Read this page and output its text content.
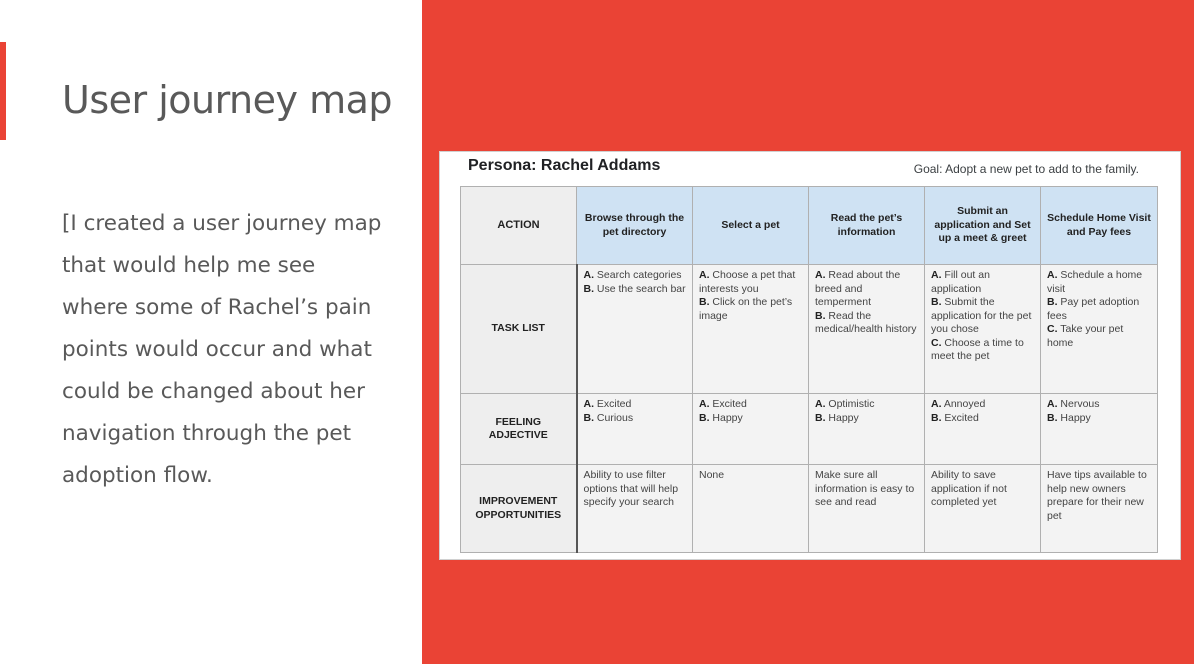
User journey map

[I created a user journey map that would help me see where some of Rachel’s pain points would occur and what could be changed about her navigation through the pet adoption flow.

Persona: Rachel Addams	Goal: Adopt a new pet to add to the family.
ACTION	Browse through the pet directory	Select a pet	Read the pet’s information	Submit an application and Set up a meet & greet	Schedule Home Visit and Pay fees
TASK LIST	A. Search categories
B. Use the search bar	A. Choose a pet that interests you
B. Click on the pet’s image	A. Read about the breed and temperment
B. Read the medical/health history	A. Fill out an application
B. Submit the application for the pet you chose
C. Choose a time to meet the pet	A. Schedule a home visit
B. Pay pet adoption fees
C. Take your pet home

FEELING ADJECTIVE	A. Excited
B. Curious	A. Excited
B. Happy	A. Optimistic
B. Happy	A. Annoyed
B. Excited	A. Nervous
B. Happy

IMPROVEMENT OPPORTUNITIES	Ability to use filter options that will help specify your search	None	Make sure all information is easy to see and read	Ability to save application if not completed yet	Have tips available to help new owners prepare for their new pet
